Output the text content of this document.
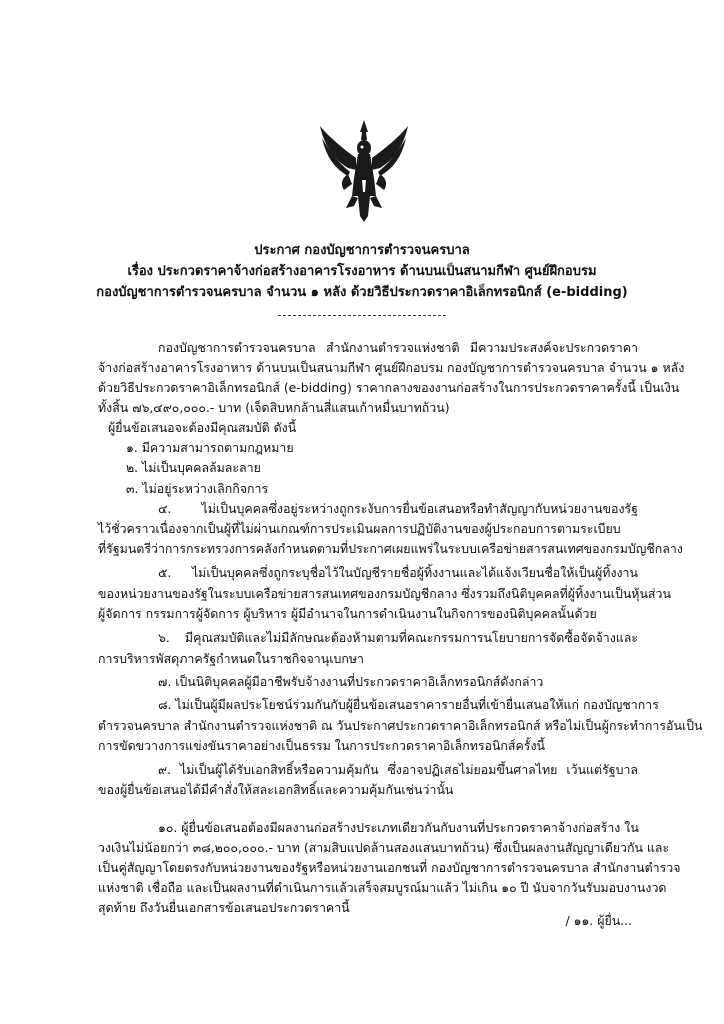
ประกาศ กองบัญชาการตำรวจนครบาล
เรื่อง ประกวดราคาจ้างก่อสร้างอาคารโรงอาหาร ด้านบนเป็นสนามกีฬา ศูนย์ฝึกอบรม
กองบัญชาการตำรวจนครบาล จำนวน ๑ หลัง ด้วยวิธีประกวดราคาอิเล็กทรอนิกส์ (e-bidding)
กองบัญชาการตำรวจนครบาล สำนักงานตำรวจแห่งชาติ มีความประสงค์จะประกวดราคา
จ้างก่อสร้างอาคารโรงอาหาร ด้านบนเป็นสนามกีฬา ศูนย์ฝึกอบรม กองบัญชาการตำรวจนครบาล จำนวน ๑ หลัง
ด้วยวิธีประกวดราคาอิเล็กทรอนิกส์ (e-bidding) ราคากลางของงานก่อสร้างในการประกวดราคาครั้งนี้ เป็นเงิน
ทั้งสิ้น ๗๖,๔๙๐,๐๐๐.- บาท (เจ็ดสิบหกล้านสี่แสนเก้าหมื่นบาทถ้วน)
ผู้ยื่นข้อเสนอจะต้องมีคุณสมบัติ ดังนี้
๑. มีความสามารถตามกฎหมาย
๒. ไม่เป็นบุคคลล้มละลาย
๓. ไม่อยู่ระหว่างเลิกกิจการ
๔. ไม่เป็นบุคคลซึ่งอยู่ระหว่างถูกระงับการยื่นข้อเสนอหรือทำสัญญากับหน่วยงานของรัฐ
ไว้ชั่วคราวเนื่องจากเป็นผู้ที่ไม่ผ่านเกณฑ์การประเมินผลการปฏิบัติงานของผู้ประกอบการตามระเบียบ
ที่รัฐมนตรีว่าการกระทรวงการคลังกำหนดตามที่ประกาศเผยแพร่ในระบบเครือข่ายสารสนเทศของกรมบัญชีกลาง
๕. ไม่เป็นบุคคลซึ่งถูกระบุชื่อไว้ในบัญชีรายชื่อผู้ทิ้งงานและได้แจ้งเวียนชื่อให้เป็นผู้ทิ้งงาน
ของหน่วยงานของรัฐในระบบเครือข่ายสารสนเทศของกรมบัญชีกลาง ซึ่งรวมถึงนิติบุคคลที่ผู้ทิ้งงานเป็นหุ้นส่วน
ผู้จัดการ กรรมการผู้จัดการ ผู้บริหาร ผู้มีอำนาจในการดำเนินงานในกิจการของนิติบุคคลนั้นด้วย
๖. มีคุณสมบัติและไม่มีลักษณะต้องห้ามตามที่คณะกรรมการนโยบายการจัดซื้อจัดจ้างและ
การบริหารพัสดุภาครัฐกำหนดในราชกิจจานุเบกษา
๗. เป็นนิติบุคคลผู้มีอาชีพรับจ้างงานที่ประกวดราคาอิเล็กทรอนิกส์ดังกล่าว
๘. ไม่เป็นผู้มีผลประโยชน์ร่วมกันกับผู้ยื่นข้อเสนอราคารายอื่นที่เข้ายื่นเสนอให้แก่ กองบัญชาการ
ตำรวจนครบาล สำนักงานตำรวจแห่งชาติ ณ วันประกาศประกวดราคาอิเล็กทรอนิกส์ หรือไม่เป็นผู้กระทำการอันเป็น
การขัดขวางการแข่งขันราคาอย่างเป็นธรรม ในการประกวดราคาอิเล็กทรอนิกส์ครั้งนี้
๙. ไม่เป็นผู้ได้รับเอกสิทธิ์หรือความคุ้มกัน ซึ่งอาจปฏิเสธไม่ยอมขึ้นศาลไทย เว้นแต่รัฐบาล
ของผู้ยื่นข้อเสนอได้มีคำสั่งให้สละเอกสิทธิ์และความคุ้มกันเช่นว่านั้น
๑๐. ผู้ยื่นข้อเสนอต้องมีผลงานก่อสร้างประเภทเดียวกันกับงานที่ประกวดราคาจ้างก่อสร้าง ใน
วงเงินไม่น้อยกว่า ๓๘,๒๐๐,๐๐๐.- บาท (สามสิบแปดล้านสองแสนบาทถ้วน) ซึ่งเป็นผลงานสัญญาเดียวกัน และ
เป็นคู่สัญญาโดยตรงกับหน่วยงานของรัฐหรือหน่วยงานเอกชนที่ กองบัญชาการตำรวจนครบาล สำนักงานตำรวจ
แห่งชาติ เชื่อถือ และเป็นผลงานที่ดำเนินการแล้วเสร็จสมบูรณ์มาแล้ว ไม่เกิน ๑๐ ปี นับจากวันรับมอบงานงวด
สุดท้าย ถึงวันยื่นเอกสารข้อเสนอประกวดราคานี้
/ ๑๑. ผู้ยื่น...
